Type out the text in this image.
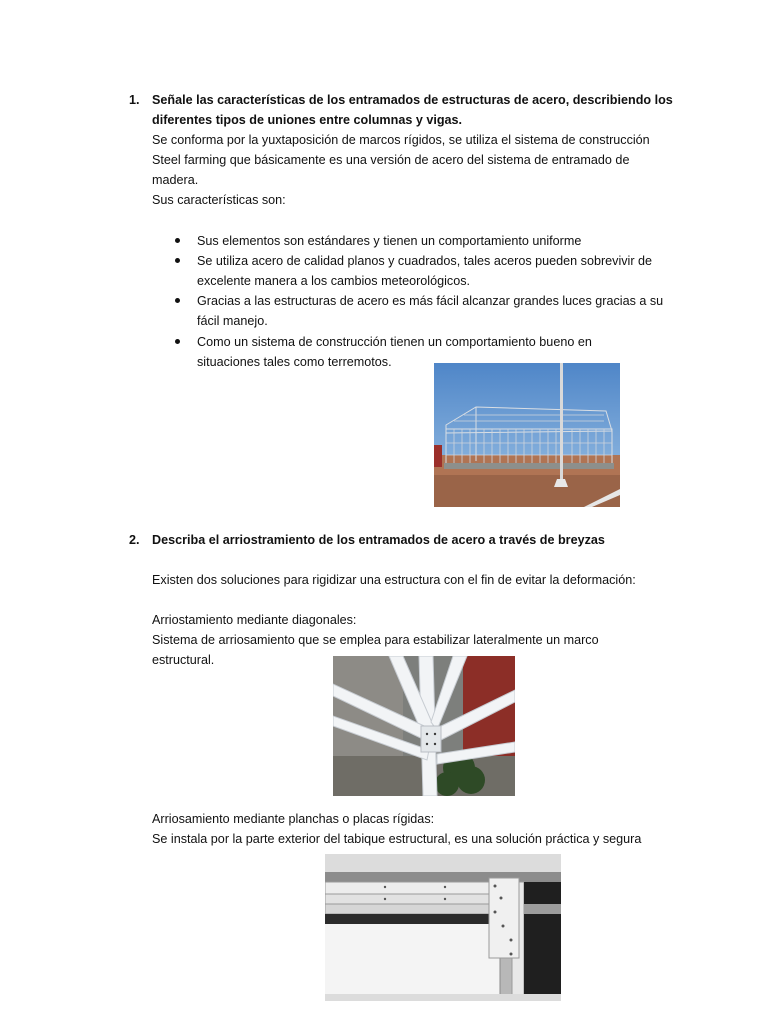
1. Señale las características de los entramados de estructuras de acero, describiendo los
diferentes tipos de uniones entre columnas y vigas.
Se conforma por la yuxtaposición de marcos rígidos, se utiliza el sistema de construcción
Steel farming que básicamente es una versión de acero del sistema de entramado de
madera.
Sus características son:
Sus elementos son estándares y tienen un comportamiento uniforme
Se utiliza acero de calidad planos y cuadrados, tales aceros pueden sobrevivir de
excelente manera a los cambios meteorológicos.
Gracias a las estructuras de acero es más fácil alcanzar grandes luces gracias a su
fácil manejo.
Como un sistema de construcción tienen un comportamiento bueno en
situaciones tales como terremotos.
2. Describa el arriostramiento de los entramados de acero a través de breyzas
Existen dos soluciones para rigidizar una estructura con el fin de evitar la deformación:
Arriostamiento mediante diagonales:
Sistema de arriosamiento que se emplea para estabilizar lateralmente un marco
estructural.
Arriosamiento mediante planchas o placas rígidas:
Se instala por la parte exterior del tabique estructural, es una solución práctica y segura
